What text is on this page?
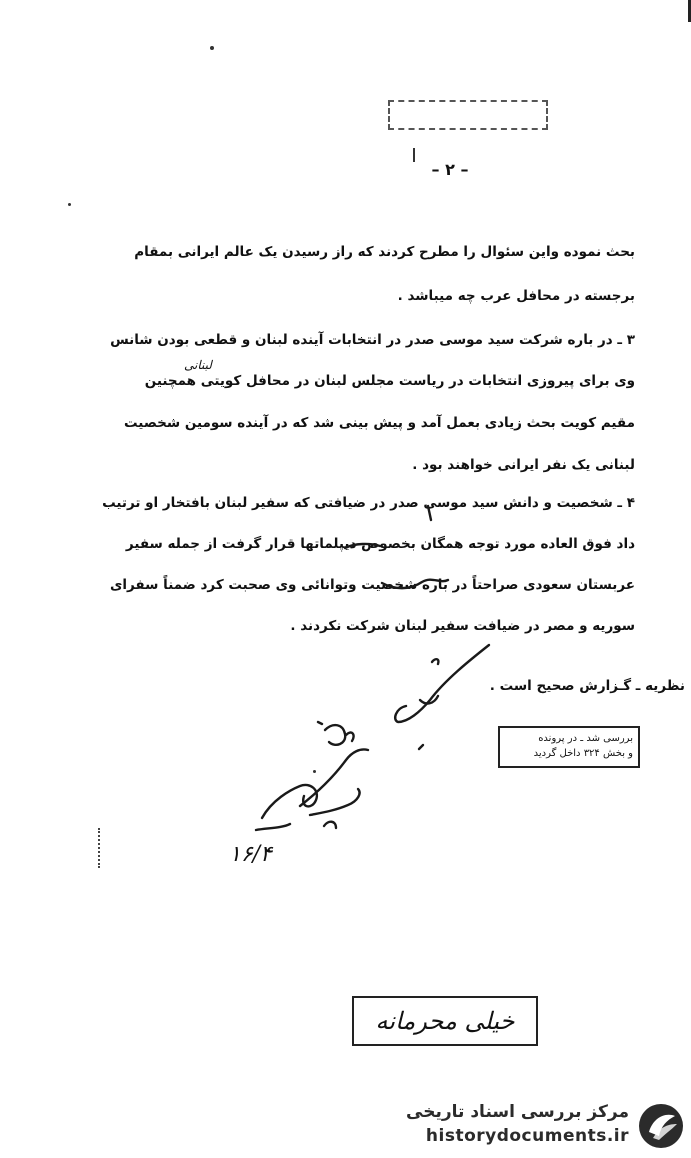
– ۲ –
بحث نموده واین سئوال را مطرح کردند که راز رسیدن یک عالم ایرانی بمقام
برجسته در محافل عرب چه میباشد .
۳ ـ در باره شرکت سید موسی صدر در انتخابات آینده لبنان و قطعی بودن شانس
لبنانی
وی برای پیروزی انتخابات در ریاست مجلس لبنان در محافل کویتی همچنین
مقیم کویت بحث زیادی بعمل آمد و پیش بینی شد که در آینده سومین شخصیت
لبنانی یک نفر ایرانی خواهند بود .
۴ ـ شخصیت و دانش سید موسی صدر در ضیافتی که سفیر لبنان بافتخار او ترتیب
داد فوق العاده مورد توجه همگان بخصوص دیپلماتها قرار گرفت از جمله سفیر
عربستان سعودی صراحتاً در باره شخصیت وتوانائی وی صحبت کرد ضمناً سفرای
سوریه و مصر در ضیافت سفیر لبنان شرکت نکردند .
نظریه ـ گـزارش صحیح است .
بررسی شد ـ در پرونده
و بخش ۳۲۴ داخل گردید
۱۶/۴
خیلی محرمانه
مرکز بررسی اسناد تاریخی
historydocuments.ir
